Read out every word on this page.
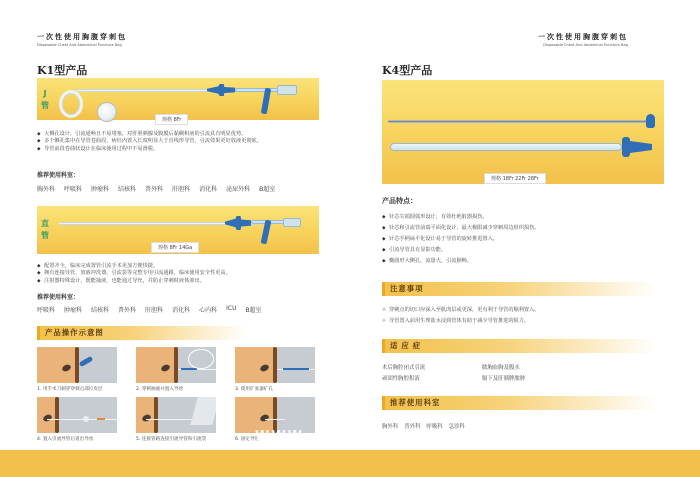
一次性使用胸腹穿刺包
Disposable Chest And Abdominal Puncture Bag
一次性使用胸腹穿刺包
Disposable Chest And Abdominal Puncture Bag
K1型产品
J管
规格 8Fr
◆ 大侧孔设计，引流通畅且不易堵塞，对肝胆胰腺及腹膜后黏稠积液的引流具有明显优势。
◆ 多个侧孔集中在导管卷曲段，病灶内置入长度明显大于直线形导管，引流效果更好放液更彻底。
◆ 导管前段卷曲状设计在临床使用过程中不易滑脱。
推荐使用科室：
胸外科 呼吸科 肿瘤科 结核科 普外科 肝胆科 消化科 泌尿外科 B超室
直管
规格 8Fr 14Ga
◆ 配置齐全，临床完成置管引流手术更加方便快捷。
◆ 拥有连接导管、放液冲洗器、引流袋等完整专用引流通路，临床使用安全性更高。
◆ 注射器特殊设计，既能抽液，也能通过导丝，并防止穿刺时液体渗出。
推荐使用科室：
呼吸科 肿瘤科 结核科 普外科 肝胆科 消化科 心内科 ICU B超室
产品操作示意图
1. 用手术刀刺穿穿刺点部位皮层	2. 穿刺抽液并置入导丝	3. 使用扩张器扩孔
4. 置入引流导管后退出导丝	5. 连接管路连接引流导管和引流袋	6. 固定导管
K4型产品
规格 18Fr 22Fr 28Fr
产品特点：
◆ 针芯尖端圆弧形设计，有效杜绝脏器损伤。
◆ 针芯和引流管前端平面化设计，最大极限减少穿刺周边组织损伤。
◆ 针芯手柄扁平化设计易于导管的旋转推进置入。
◆ 引流导管具有显影功能。
◆ 椭圆形大侧孔，流量大，引流顺畅。
注意事项
※ 穿刺点的切口应深入至肌肉层或更深，更有利于导管的顺利置入。
※ 导管置入前用生理盐水浸润管体有助于减少导管推进的阻力。
适应症
术后胸腔闭式引流	脓胸血胸及腹水
顽固性胸腔积液	膈下及肝胰脾脓肿
推荐使用科室
胸外科 普外科 呼吸科 急诊科
WWW.
